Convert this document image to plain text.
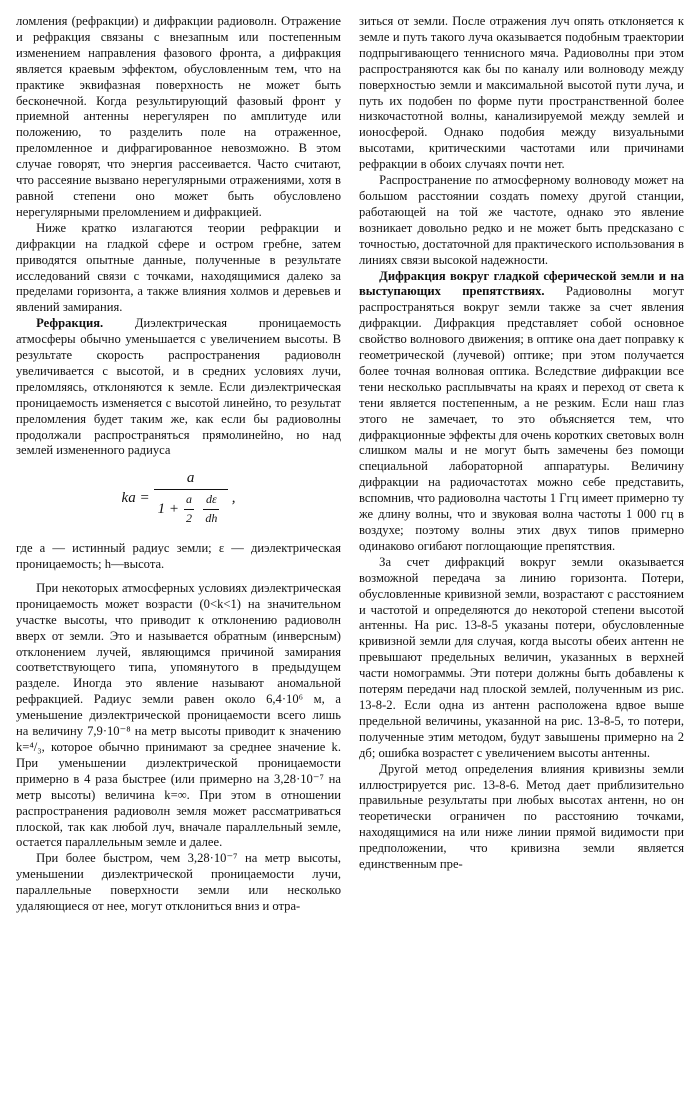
ломления (рефракции) и дифракции радиоволн. Отражение и рефракция связаны с внезапным или постепенным изменением направления фазового фронта, а дифракция является краевым эффектом, обусловленным тем, что на практике эквифазная поверхность не может быть бесконечной. Когда результирующий фазовый фронт у приемной антенны нерегулярен по амплитуде или положению, то разделить поле на отраженное, преломленное и дифрагированное невозможно. В этом случае говорят, что энергия рассеивается. Часто считают, что рассеяние вызвано нерегулярными отражениями, хотя в равной степени оно может быть обусловлено нерегулярными преломлением и дифракцией.

Ниже кратко излагаются теории рефракции и дифракции на гладкой сфере и остром гребне, затем приводятся опытные данные, полученные в результате исследований связи с точками, находящимися далеко за пределами горизонта, а также влияния холмов и деревьев и явлений замирания.

Рефракция. Диэлектрическая проницаемость атмосферы обычно уменьшается с увеличением высоты. В результате скорость распространения радиоволн увеличивается с высотой, и в средних условиях лучи, преломляясь, отклоняются к земле. Если диэлектрическая проницаемость изменяется с высотой линейно, то результат преломления будет таким же, как если бы радиоволны продолжали распространяться прямолинейно, но над землей измененного радиуса

ka =
a
$1 + \frac{a}{2} \frac{d\varepsilon}{dh}$ ,

где a — истинный радиус земли; ε — диэлектрическая проницаемость; h—высота.

При некоторых атмосферных условиях диэлектрическая проницаемость может возрасти (0<k<1) на значительном участке высоты, что приводит к отклонению радиоволн вверх от земли. Это и называется обратным (инверсным) отклонением лучей, являющимся причиной замирания соответствующего типа, упомянутого в предыдущем разделе. Иногда это явление называют аномальной рефракцией. Радиус земли равен около 6,4·10⁶ м, а уменьшение диэлектрической проницаемости всего лишь на величину 7,9·10⁻⁸ на метр высоты приводит к значению k=⁴/₃, которое обычно принимают за среднее значение k. При уменьшении диэлектрической проницаемости примерно в 4 раза быстрее (или примерно на 3,28·10⁻⁷ на метр высоты) величина k=∞. При этом в отношении распространения радиоволн земля может рассматриваться плоской, так как любой луч, вначале параллельный земле, остается параллельным земле и далее.

При более быстром, чем 3,28·10⁻⁷ на метр высоты, уменьшении диэлектрической проницаемости лучи, параллельные поверхности земли или несколько удаляющиеся от нее, могут отклониться вниз и отра-

зиться от земли. После отражения луч опять отклоняется к земле и путь такого луча оказывается подобным траектории подпрыгивающего теннисного мяча. Радиоволны при этом распространяются как бы по каналу или волноводу между поверхностью земли и максимальной высотой пути луча, и путь их подобен по форме пути пространственной более низкочастотной волны, канализируемой между землей и ионосферой. Однако подобия между визуальными высотами, критическими частотами или причинами рефракции в обоих случаях почти нет.

Распространение по атмосферному волноводу может на большом расстоянии создать помеху другой станции, работающей на той же частоте, однако это явление возникает довольно редко и не может быть предсказано с точностью, достаточной для практического использования в линиях связи высокой надежности.

Дифракция вокруг гладкой сферической земли и на выступающих препятствиях. Радиоволны могут распространяться вокруг земли также за счет явления дифракции. Дифракция представляет собой основное свойство волнового движения; в оптике она дает поправку к геометрической (лучевой) оптике; при этом получается более точная волновая оптика. Вследствие дифракции все тени несколько расплывчаты на краях и переход от света к тени является постепенным, а не резким. Если наш глаз этого не замечает, то это объясняется тем, что дифракционные эффекты для очень коротких световых волн слишком малы и не могут быть замечены без помощи специальной лабораторной аппаратуры. Величину дифракции на радиочастотах можно себе представить, вспомнив, что радиоволна частоты 1 Ггц имеет примерно ту же длину волны, что и звуковая волна частоты 1 000 гц в воздухе; поэтому волны этих двух типов примерно одинаково огибают поглощающие препятствия.

За счет дифракций вокруг земли оказывается возможной передача за линию горизонта. Потери, обусловленные кривизной земли, возрастают с расстоянием и частотой и определяются до некоторой степени высотой антенны. На рис. 13-8-5 указаны потери, обусловленные кривизной земли для случая, когда высоты обеих антенн не превышают предельных величин, указанных в верхней части номограммы. Эти потери должны быть добавлены к потерям передачи над плоской землей, полученным из рис. 13-8-2. Если одна из антенн расположена вдвое выше предельной величины, указанной на рис. 13-8-5, то потери, полученные этим методом, будут завышены примерно на 2 дб; ошибка возрастет с увеличением высоты антенны.

Другой метод определения влияния кривизны земли иллюстрируется рис. 13-8-6. Метод дает приблизительно правильные результаты при любых высотах антенн, но он теоретически ограничен по расстоянию точками, находящимися на или ниже линии прямой видимости при предположении, что кривизна земли является единственным пре-
